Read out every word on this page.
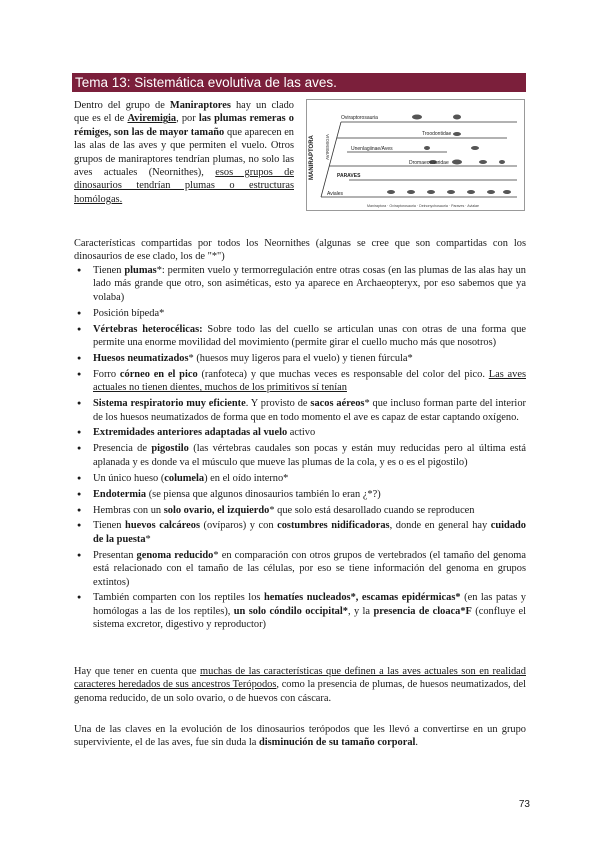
Tema 13: Sistemática evolutiva de las aves.
Dentro del grupo de Maniraptores hay un clado que es el de Aviremigia, por las plumas remeras o rémiges, son las de mayor tamaño que aparecen en las alas de las aves y que permiten el vuelo. Otros grupos de maniraptores tendrían plumas, no solo las aves actuales (Neornithes), esos grupos de dinosaurios tendrían plumas o estructuras homólogas.
MANIRAPTORA AVIREMIGIA
Oviraptorosauria
Troodontidae
Unenlagiinae/Aves
Dromaeosauridae
PARAVES
Aviales
Maniraptora · Oviraptorosauria · Deinonychosauria · Paraves · Avialae
Características compartidas por todos los Neornithes (algunas se cree que son compartidas con los dinosaurios de ese clado, los de "*")
● Tienen plumas*: permiten vuelo y termorregulación entre otras cosas (en las plumas de las alas hay un lado más grande que otro, son asiméticas, esto ya aparece en Archaeopteryx, por eso sabemos que ya volaba)
● Posición bípeda*
● Vértebras heterocélicas: Sobre todo las del cuello se articulan unas con otras de una forma que permite una enorme movilidad del movimiento (permite girar el cuello mucho más que nosotros)
● Huesos neumatizados* (huesos muy ligeros para el vuelo) y tienen fúrcula*
● Forro córneo en el pico (ranfoteca) y que muchas veces es responsable del color del pico. Las aves actuales no tienen dientes, muchos de los primitivos sí tenían
● Sistema respiratorio muy eficiente. Y provisto de sacos aéreos* que incluso forman parte del interior de los huesos neumatizados de forma que en todo momento el ave es capaz de estar captando oxígeno.
● Extremidades anteriores adaptadas al vuelo activo
● Presencia de pigostilo (las vértebras caudales son pocas y están muy reducidas pero al última está aplanada y es donde va el músculo que mueve las plumas de la cola, y es o es el pigostilo)
● Un único hueso (columela) en el oído interno*
● Endotermia (se piensa que algunos dinosaurios también lo eran ¿*?)
● Hembras con un solo ovario, el izquierdo* que solo está desarollado cuando se reproducen
● Tienen huevos calcáreos (ovíparos) y con costumbres nidificadoras, donde en general hay cuidado de la puesta*
● Presentan genoma reducido* en comparación con otros grupos de vertebrados (el tamaño del genoma está relacionado con el tamaño de las células, por eso se tiene información del genoma en grupos extintos)
● También comparten con los reptiles los hematíes nucleados*, escamas epidérmicas* (en las patas y homólogas a las de los reptiles), un solo cóndilo occipital*, y la presencia de cloaca*F (confluye el sistema excretor, digestivo y reproductor)
Hay que tener en cuenta que muchas de las características que definen a las aves actuales son en realidad caracteres heredados de sus ancestros Terópodos, como la presencia de plumas, de huesos neumatizados, del genoma reducido, de un solo ovario, o de huevos con cáscara.
Una de las claves en la evolución de los dinosaurios terópodos que les llevó a convertirse en un grupo superviviente, el de las aves, fue sin duda la disminución de su tamaño corporal.
73
